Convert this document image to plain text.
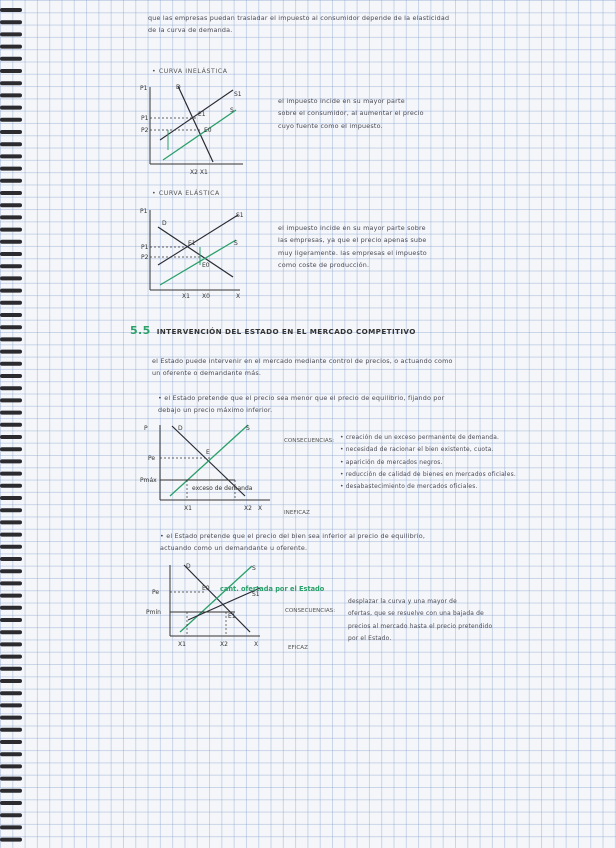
que las empresas puedan trasladar el impuesto al consumidor depende de la elasticidad

de la curva de demanda.

• CURVA INELÁSTICA
P1
P1
P2
X2 X1
D
S1
S
E1
E0

el impuesto incide en su mayor parte

sobre el consumidor, al aumentar el precio

cuyo fuente como el impuesto.

• CURVA ELÁSTICA
P1
P1
P2
X1 X0	X
D
S1
S
E1
E0

el impuesto incide en su mayor parte sobre

las empresas, ya que el precio apenas sube

muy ligeramente. las empresas el impuesto

como coste de producción.

5.5 INTERVENCIÓN DEL ESTADO EN EL MERCADO COMPETITIVO

el Estado puede intervenir en el mercado mediante control de precios, o actuando como

un oferente o demandante más.

• el Estado pretende que el precio sea menor que el precio de equilibrio, fijando por

debajo un precio máximo inferior.

P
Pe
Pmáx
X1	X2 X
D	S
E
exceso de demanda
CONSECUENCIAS: • creación de un exceso permanente de demanda.

• necesidad de racionar el bien existente, cuota.

• aparición de mercados negros.

• reducción de calidad de bienes en mercados oficiales.

• desabastecimiento de mercados oficiales.

INEFICAZ

• el Estado pretende que el precio del bien sea inferior al precio de equilibrio,

actuando como un demandante u oferente.

Pe
Pmín
X1	X2	X
D	S
S1
E0
E1
cant. ofertada por el Estado
CONSECUENCIAS:

desplazar la curva y una mayor de

ofertas, que se resuelve con una bajada de

precios al mercado hasta el precio pretendido

por el Estado.

EFICAZ
